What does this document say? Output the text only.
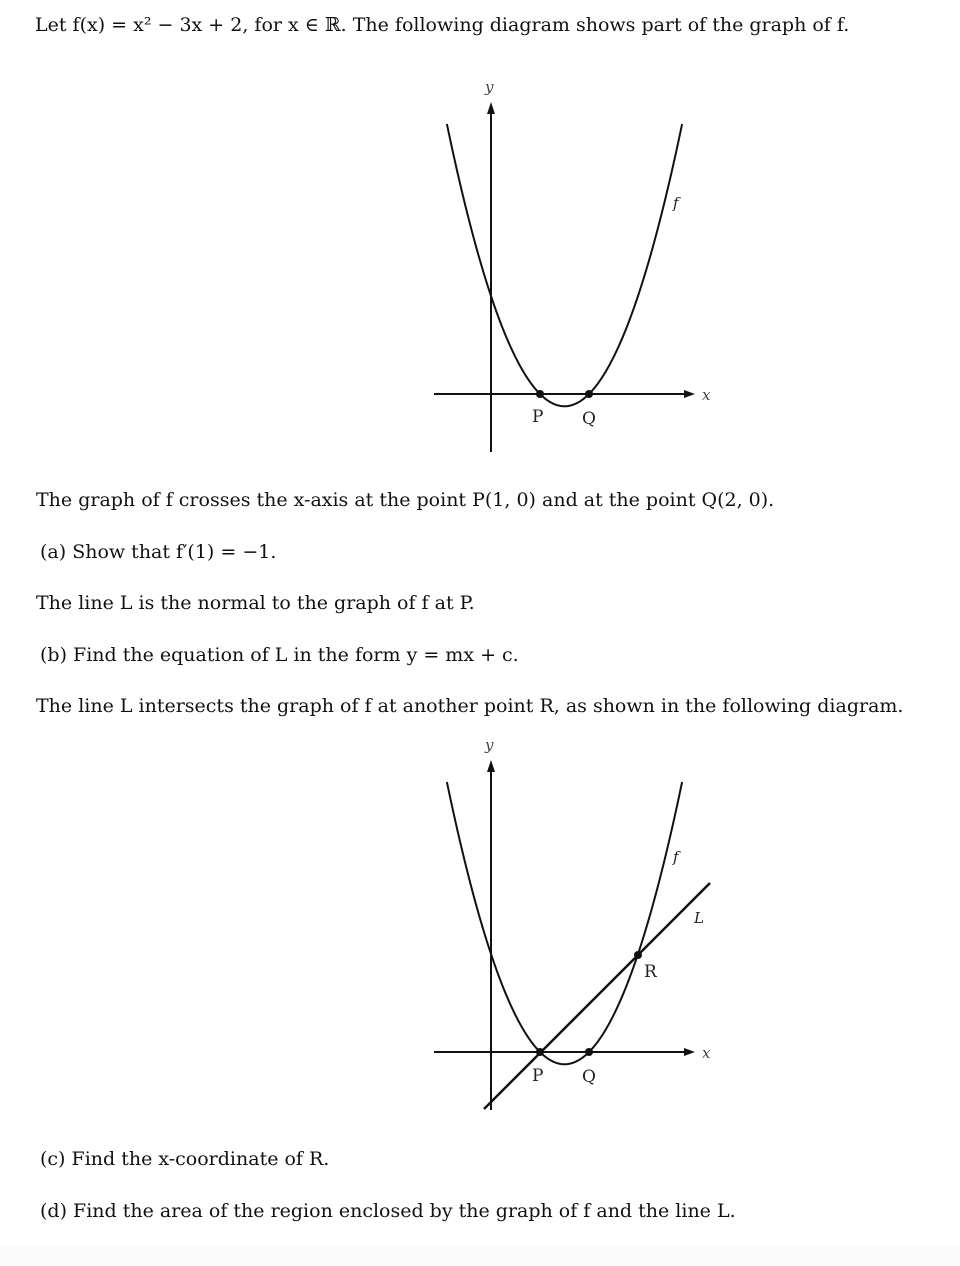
Let f(x) = x² − 3x + 2, for x ∈ ℝ. The following diagram shows part of the graph of f.
y
x
f
P Q
The graph of f crosses the x-axis at the point P(1, 0) and at the point Q(2, 0).
(a) Show that f′(1) = −1.
The line L is the normal to the graph of f at P.
(b) Find the equation of L in the form y = mx + c.
The line L intersects the graph of f at another point R, as shown in the following diagram.
y
x
f
L
R
P Q
(c) Find the x-coordinate of R.
(d) Find the area of the region enclosed by the graph of f and the line L.
